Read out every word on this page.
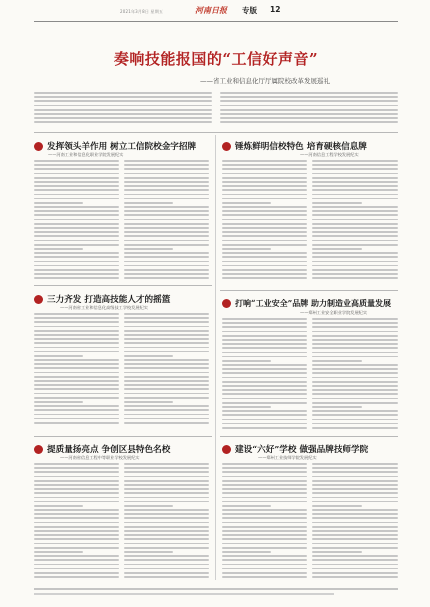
2021年3月8日 星期五	河南日报 专版 12
奏响技能报国的“工信好声音”
——省工业和信息化厅厅属院校改革发展巡礼
发挥领头羊作用 树立工信院校金字招牌
——河南工业和信息化职业学院发展纪实
锤炼鲜明信校特色 培育硬核信息牌
——河南信息工程学校发展纪实
三力齐发 打造高技能人才的摇篮
——河南省工业和信息化高级技工学校发展纪实	打响“工业安全”品牌 助力制造业高质量发展
——郑州工业安全职业学院发展纪实
提质量扬亮点 争创区县特色名校
——河南省信息工程中等职业学校发展纪实
建设“六好”学校 做强品牌技师学院
——郑州工业技师学院发展纪实
